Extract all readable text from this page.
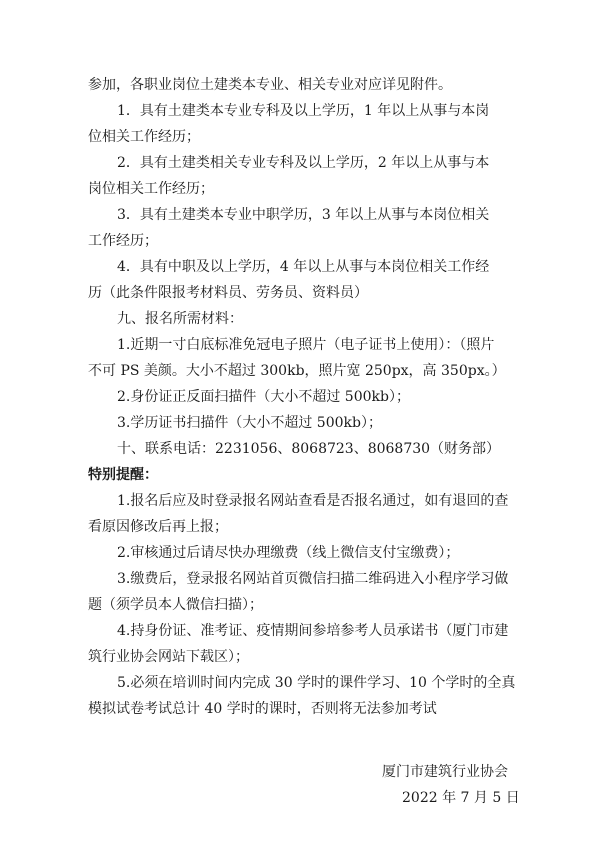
参加，各职业岗位土建类本专业、相关专业对应详见附件。
1．具有土建类本专业专科及以上学历，1 年以上从事与本岗
位相关工作经历；
2．具有土建类相关专业专科及以上学历，2 年以上从事与本
岗位相关工作经历；
3．具有土建类本专业中职学历，3 年以上从事与本岗位相关
工作经历；
4．具有中职及以上学历，4 年以上从事与本岗位相关工作经
历（此条件限报考材料员、劳务员、资料员）
九、报名所需材料：
1.近期一寸白底标准免冠电子照片（电子证书上使用）：（照片
不可 PS 美颜。大小不超过 300kb，照片宽 250px，高 350px。）
2.身份证正反面扫描件（大小不超过 500kb）；
3.学历证书扫描件（大小不超过 500kb）；
十、联系电话：2231056、8068723、8068730（财务部）
特别提醒：
1.报名后应及时登录报名网站查看是否报名通过，如有退回的查
看原因修改后再上报；
2.审核通过后请尽快办理缴费（线上微信支付宝缴费）；
3.缴费后，登录报名网站首页微信扫描二维码进入小程序学习做
题（须学员本人微信扫描）；
4.持身份证、准考证、疫情期间参培参考人员承诺书（厦门市建
筑行业协会网站下载区）；
5.必须在培训时间内完成 30 学时的课件学习、10 个学时的全真
模拟试卷考试总计 40 学时的课时，否则将无法参加考试
厦门市建筑行业协会
2022 年 7 月 5 日
